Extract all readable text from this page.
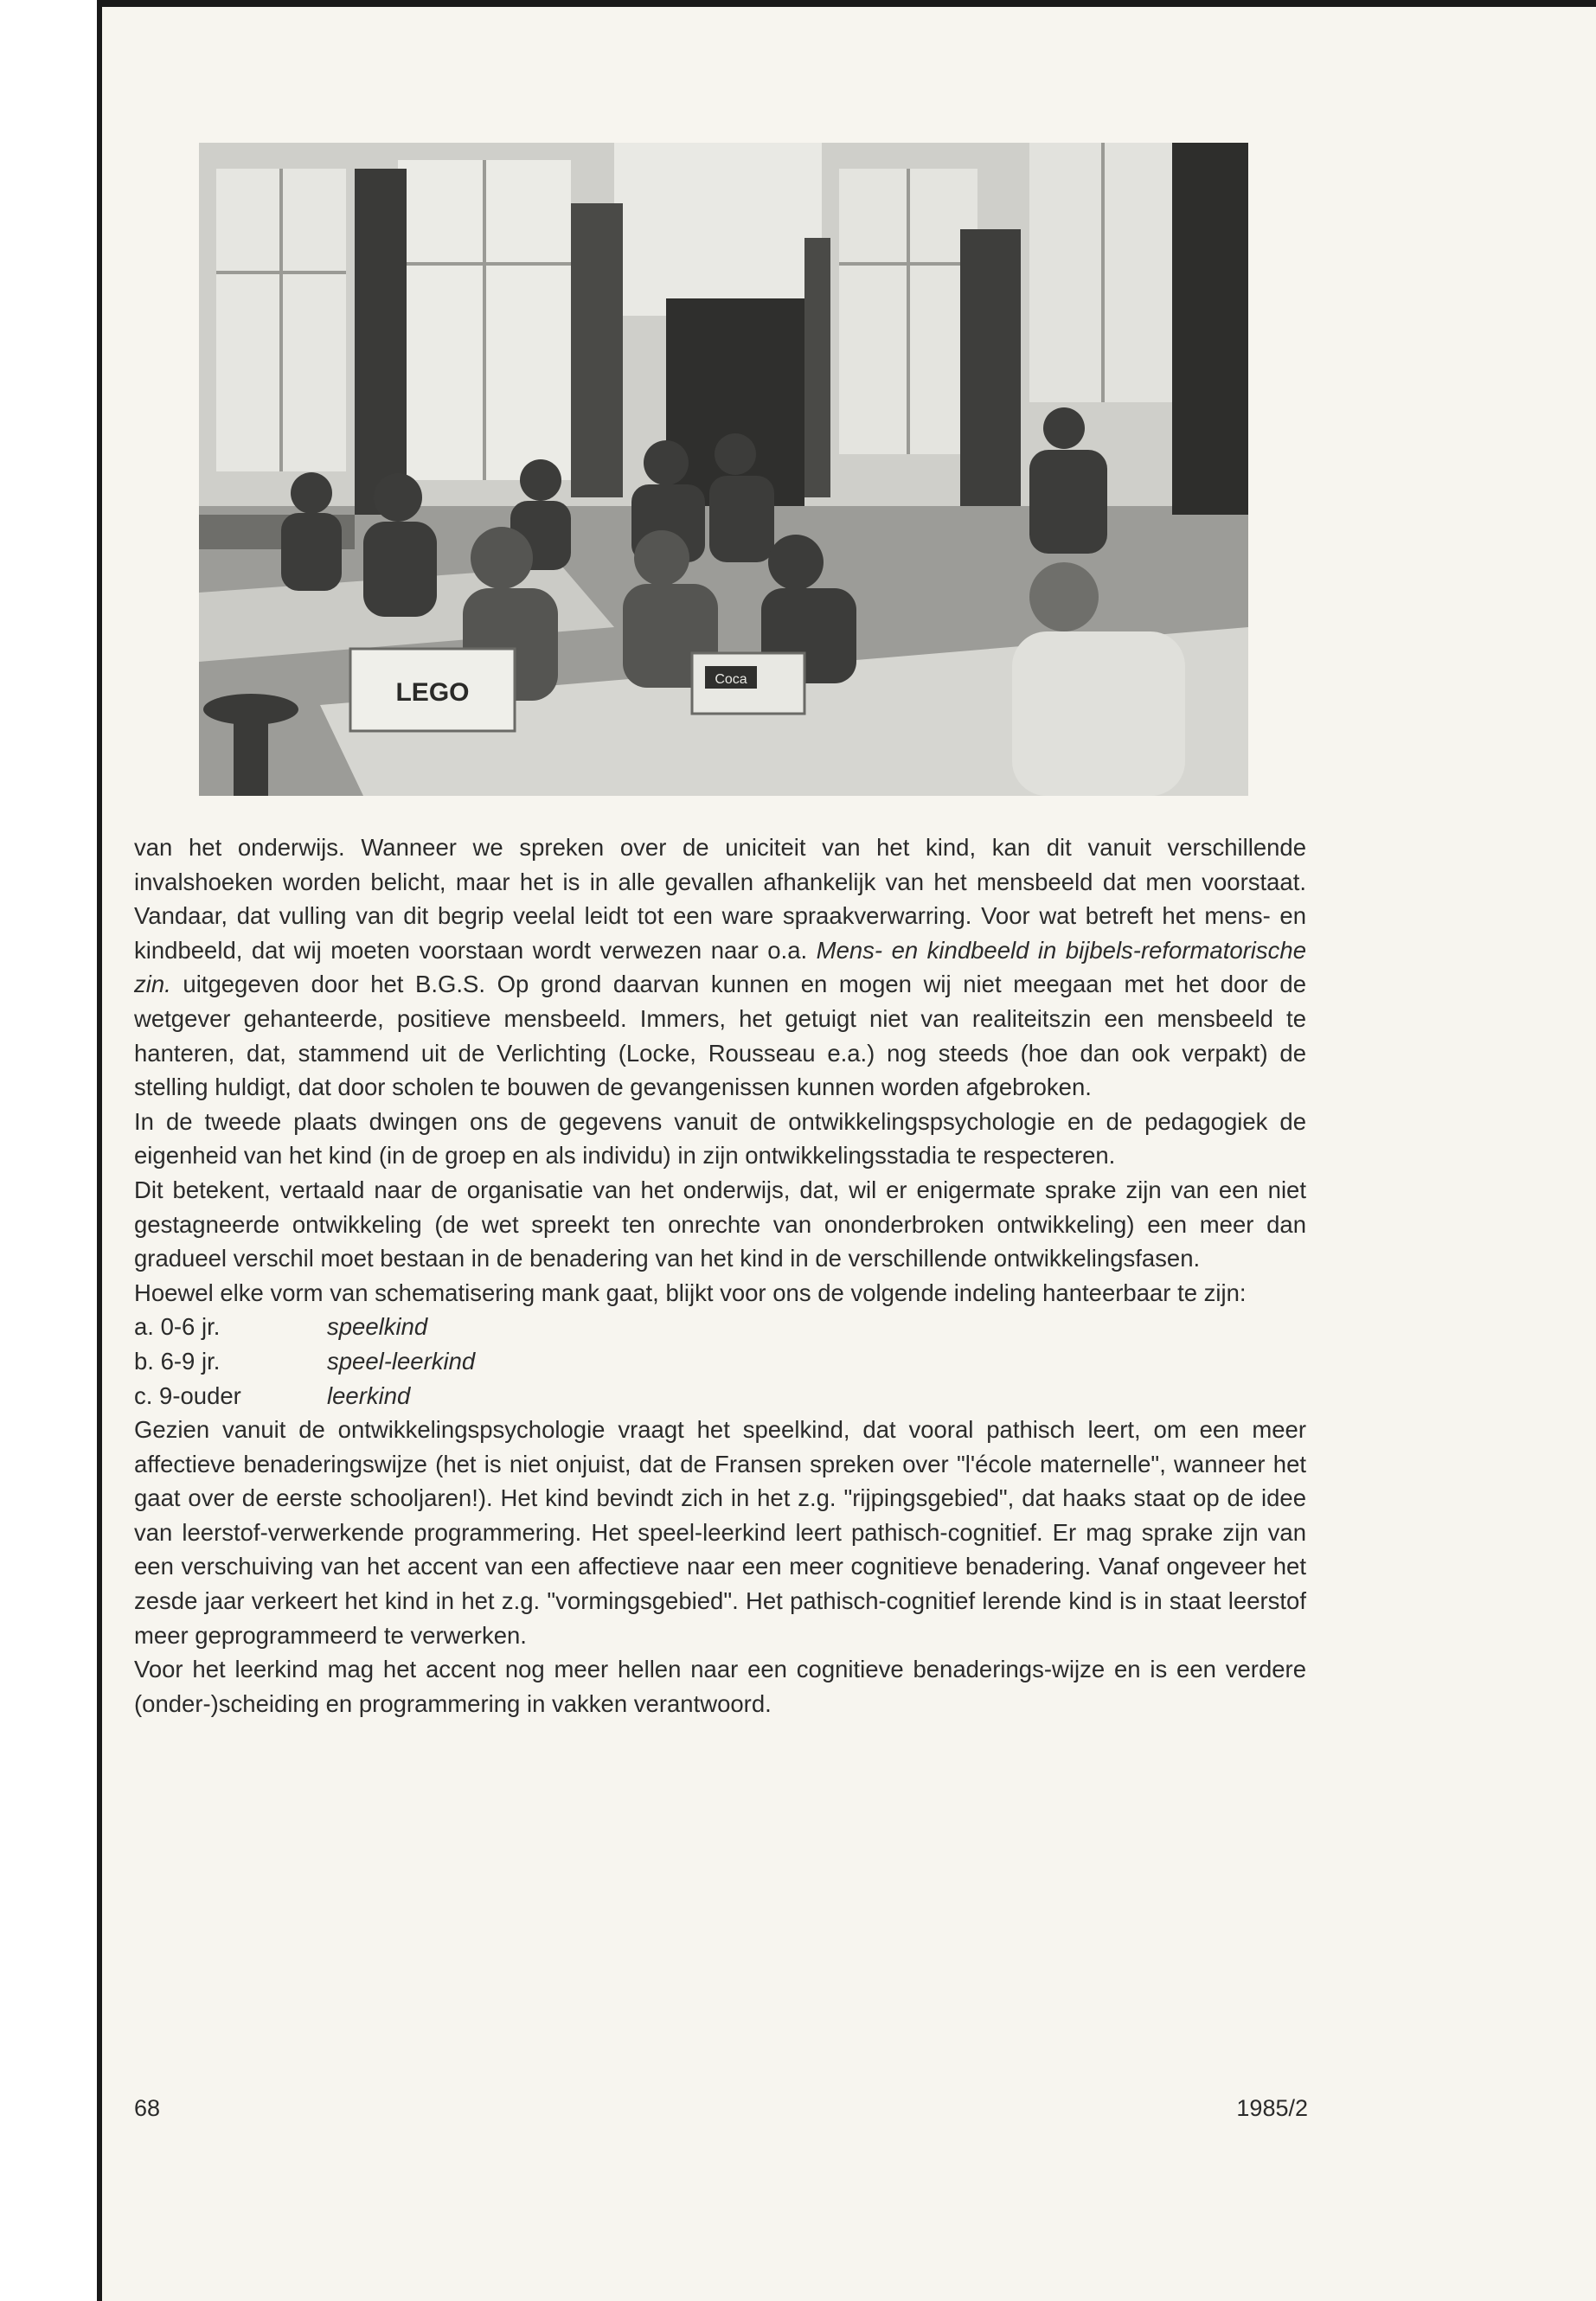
LEGO	Coca

van het onderwijs. Wanneer we spreken over de uniciteit van het kind, kan dit vanuit verschillende invalshoeken worden belicht, maar het is in alle gevallen afhankelijk van het mensbeeld dat men voorstaat. Vandaar, dat vulling van dit begrip veelal leidt tot een ware spraakverwarring. Voor wat betreft het mens- en kindbeeld, dat wij moeten voorstaan wordt verwezen naar o.a. Mens- en kindbeeld in bijbels-reformatorische zin. uitgegeven door het B.G.S. Op grond daarvan kunnen en mogen wij niet meegaan met het door de wetgever gehanteerde, positieve mensbeeld. Immers, het getuigt niet van realiteitszin een mensbeeld te hanteren, dat, stammend uit de Verlichting (Locke, Rousseau e.a.) nog steeds (hoe dan ook verpakt) de stelling huldigt, dat door scholen te bouwen de gevangenissen kunnen worden afgebroken.

In de tweede plaats dwingen ons de gegevens vanuit de ontwikkelingspsychologie en de pedagogiek de eigenheid van het kind (in de groep en als individu) in zijn ontwikkelingsstadia te respecteren.

Dit betekent, vertaald naar de organisatie van het onderwijs, dat, wil er enigermate sprake zijn van een niet gestagneerde ontwikkeling (de wet spreekt ten onrechte van ononderbroken ontwikkeling) een meer dan gradueel verschil moet bestaan in de benadering van het kind in de verschillende ontwikkelingsfasen.

Hoewel elke vorm van schematisering mank gaat, blijkt voor ons de volgende indeling hanteerbaar te zijn:

a. 0-6 jr.	speelkind
b. 6-9 jr.	speel-leerkind
c. 9-ouder	leerkind

Gezien vanuit de ontwikkelingspsychologie vraagt het speelkind, dat vooral pathisch leert, om een meer affectieve benaderingswijze (het is niet onjuist, dat de Fransen spreken over "l'école maternelle", wanneer het gaat over de eerste schooljaren!). Het kind bevindt zich in het z.g. "rijpingsgebied", dat haaks staat op de idee van leerstof-verwerkende programmering. Het speel-leerkind leert pathisch-cognitief. Er mag sprake zijn van een verschuiving van het accent van een affectieve naar een meer cognitieve benadering. Vanaf ongeveer het zesde jaar verkeert het kind in het z.g. "vormingsgebied". Het pathisch-cognitief lerende kind is in staat leerstof meer geprogrammeerd te verwerken.

Voor het leerkind mag het accent nog meer hellen naar een cognitieve benaderings-wijze en is een verdere (onder-)scheiding en programmering in vakken verantwoord.

68	1985/2
